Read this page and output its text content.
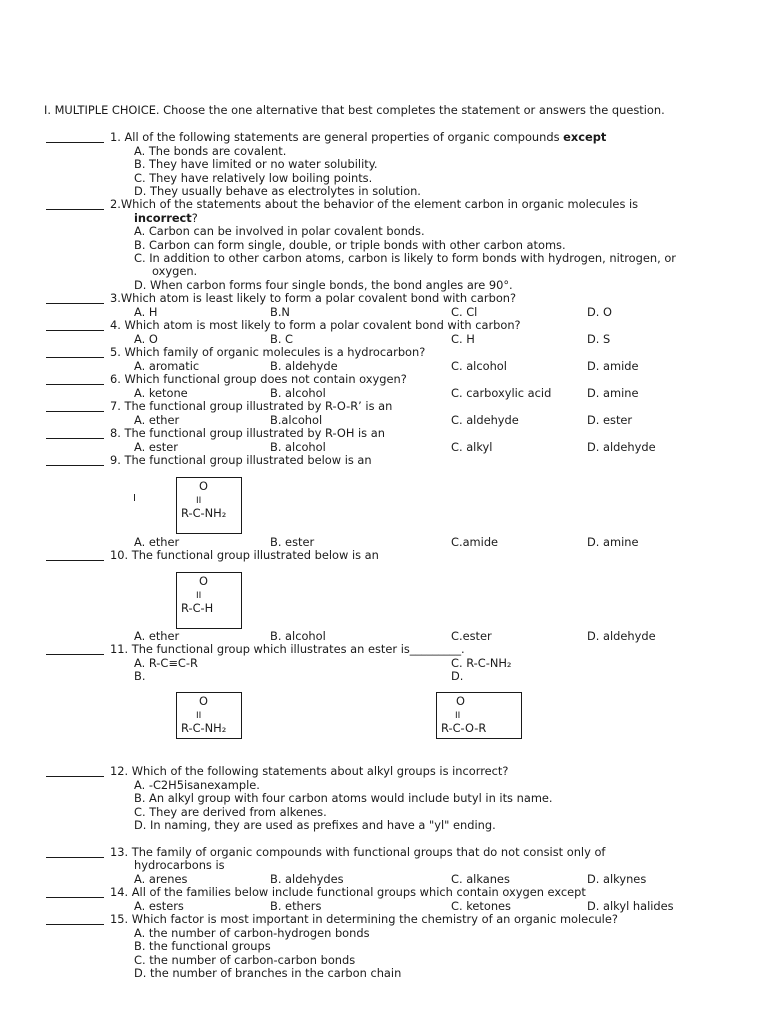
I. MULTIPLE CHOICE. Choose the one alternative that best completes the statement or answers the question.
1. All of the following statements are general properties of organic compounds except
A. The bonds are covalent.
B. They have limited or no water solubility.
C. They have relatively low boiling points.
D. They usually behave as electrolytes in solution.
2.Which of the statements about the behavior of the element carbon in organic molecules is
incorrect?
A. Carbon can be involved in polar covalent bonds.
B. Carbon can form single, double, or triple bonds with other carbon atoms.
C. In addition to other carbon atoms, carbon is likely to form bonds with hydrogen, nitrogen, or
oxygen.
D. When carbon forms four single bonds, the bond angles are 90°.
3.Which atom is least likely to form a polar covalent bond with carbon?
A. H	B.N	C. Cl	D. O
4. Which atom is most likely to form a polar covalent bond with carbon?
A. O	B. C	C. H	D. S
5. Which family of organic molecules is a hydrocarbon?
A. aromatic	B. aldehyde	C. alcohol	D. amide
6. Which functional group does not contain oxygen?
A. ketone	B. alcohol	C. carboxylic acid	D. amine
7. The functional group illustrated by R-O-R’ is an
A. ether	B.alcohol	C. aldehyde	D. ester
8. The functional group illustrated by R-OH is an
A. ester	B. alcohol	C. alkyl	D. aldehyde
9. The functional group illustrated below is an
I
O
II
R-C-NH₂
A. ether	B. ester	C.amide	D. amine
10. The functional group illustrated below is an
O
II
R-C-H
A. ether	B. alcohol	C.ester	D. aldehyde
11. The functional group which illustrates an ester is_________.
A. R-C≡C-R	C. R-C-NH₂
B.	D.
O
II
R-C-NH₂
O
II
R-C-O-R
12. Which of the following statements about alkyl groups is incorrect?
A. -C2H5isanexample.
B. An alkyl group with four carbon atoms would include butyl in its name.
C. They are derived from alkenes.
D. In naming, they are used as prefixes and have a "yl" ending.
13. The family of organic compounds with functional groups that do not consist only of
hydrocarbons is
A. arenes	B. aldehydes	C. alkanes	D. alkynes
14. All of the families below include functional groups which contain oxygen except
A. esters	B. ethers	C. ketones	D. alkyl halides
15. Which factor is most important in determining the chemistry of an organic molecule?
A. the number of carbon-hydrogen bonds
B. the functional groups
C. the number of carbon-carbon bonds
D. the number of branches in the carbon chain
